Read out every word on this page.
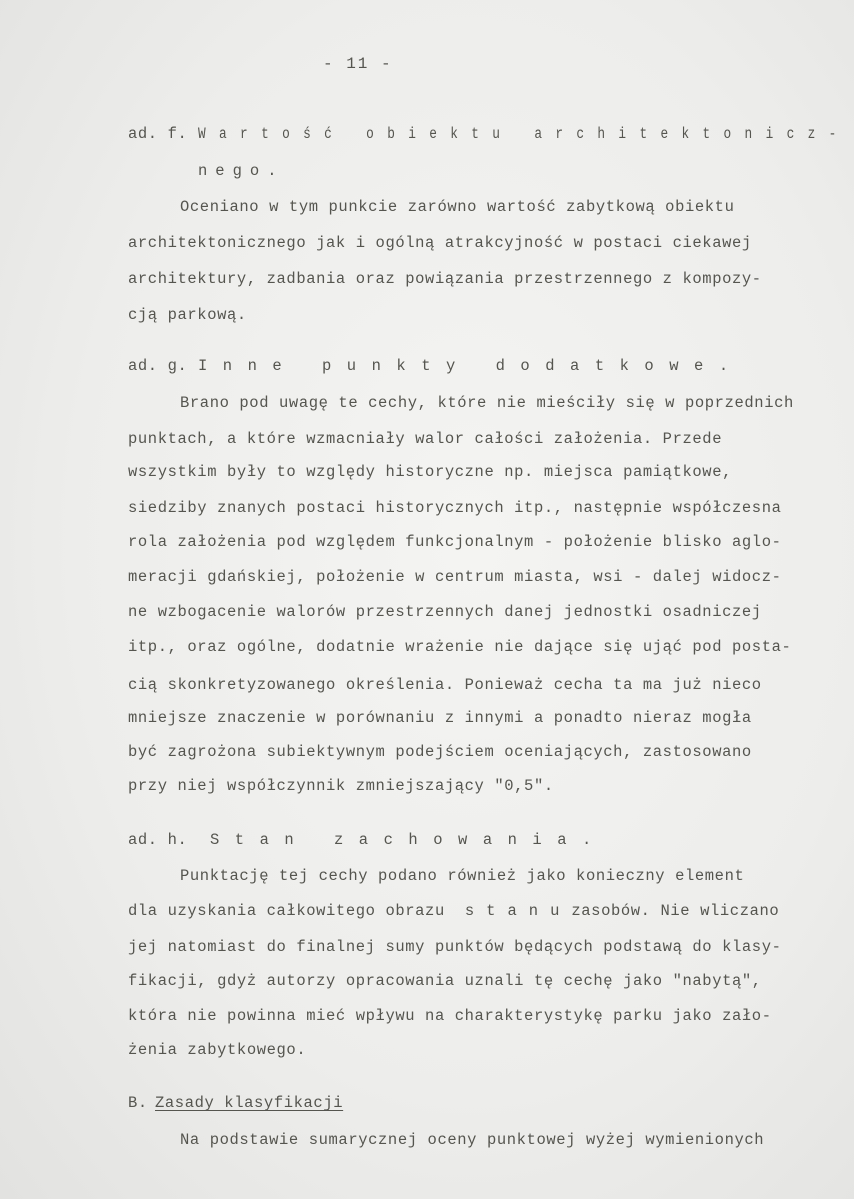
- 11 -
ad. f. Wartość obiektu architektonicz-
nego.
Oceniano w tym punkcie zarówno wartość zabytkową obiektu
architektonicznego jak i ogólną atrakcyjność w postaci ciekawej
architektury, zadbania oraz powiązania przestrzennego z kompozy-
cją parkową.
ad. g. Inne punkty dodatkowe.
Brano pod uwagę te cechy, które nie mieściły się w poprzednich
punktach, a które wzmacniały walor całości założenia. Przede
wszystkim były to względy historyczne np. miejsca pamiątkowe,
siedziby znanych postaci historycznych itp., następnie współczesna
rola założenia pod względem funkcjonalnym - położenie blisko aglo-
meracji gdańskiej, położenie w centrum miasta, wsi - dalej widocz-
ne wzbogacenie walorów przestrzennych danej jednostki osadniczej
itp., oraz ogólne, dodatnie wrażenie nie dające się ująć pod posta-
cią skonkretyzowanego określenia. Ponieważ cecha ta ma już nieco
mniejsze znaczenie w porównaniu z innymi a ponadto nieraz mogła
być zagrożona subiektywnym podejściem oceniających, zastosowano
przy niej współczynnik zmniejszający "0,5".
ad. h. Stan zachowania.
Punktację tej cechy podano również jako konieczny element
dla uzyskania całkowitego obrazu stanuzasobów. Nie wliczano
jej natomiast do finalnej sumy punktów będących podstawą do klasy-
fikacji, gdyż autorzy opracowania uznali tę cechę jako "nabytą",
która nie powinna mieć wpływu na charakterystykę parku jako zało-
żenia zabytkowego.
B. Zasady klasyfikacji
Na podstawie sumarycznej oceny punktowej wyżej wymienionych
